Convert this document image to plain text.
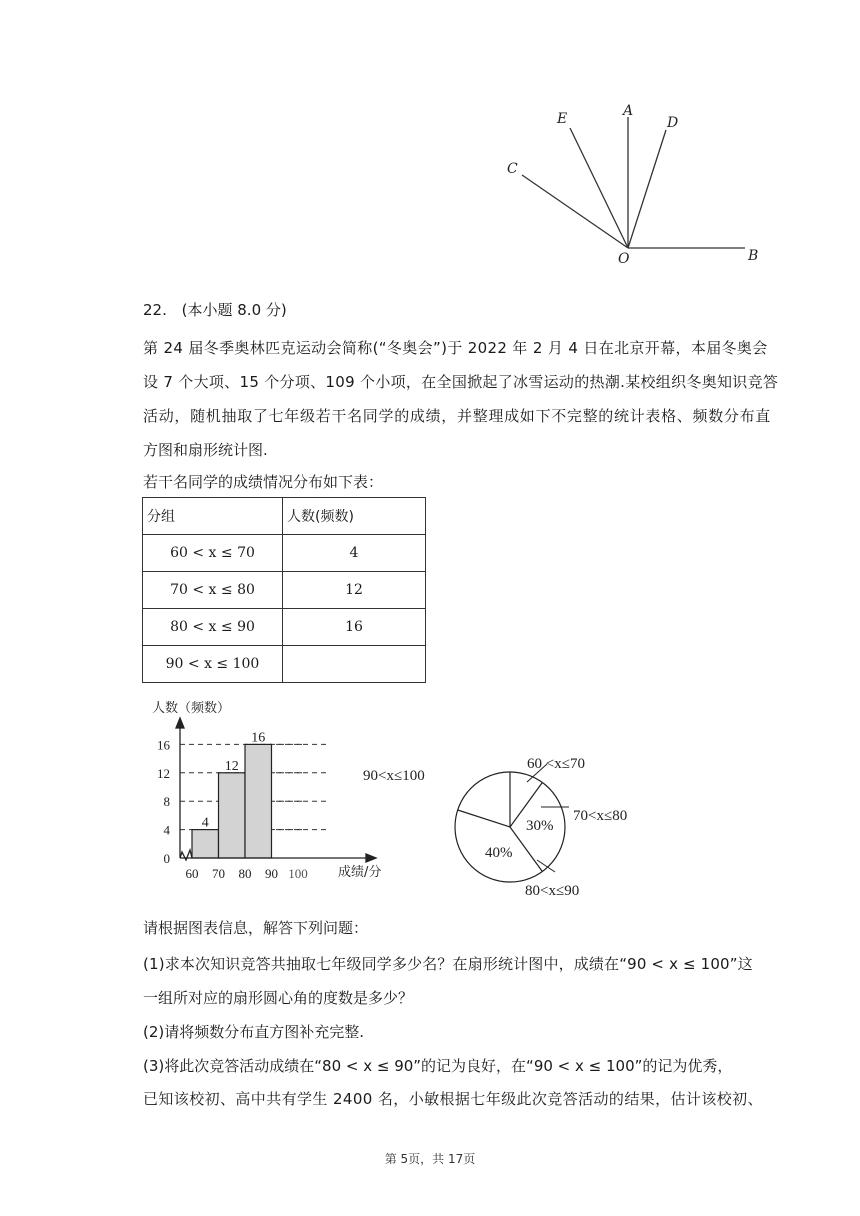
E	A
D
C
O	B
22. (本小题 8.0 分)
第 24 届冬季奥林匹克运动会简称(“冬奥会”)于 2022 年 2 月 4 日在北京开幕，本届冬奥会
设 7 个大项、15 个分项、109 个小项，在全国掀起了冰雪运动的热潮.某校组织冬奥知识竞答
活动，随机抽取了七年级若干名同学的成绩，并整理成如下不完整的统计表格、频数分布直
方图和扇形统计图.
若干名同学的成绩情况分布如下表：
分组	人数(频数)
60 < x ≤ 70	4
70 < x ≤ 80	12
80 < x ≤ 90	16
90 < x ≤ 100	
人数（频数）
0
4
8
12
16
60 70 80 90 100
4
12
16
成绩/分
90<x≤100
60 <x≤70
70<x≤80
80<x≤90
30%
40%
请根据图表信息，解答下列问题：
(1)求本次知识竞答共抽取七年级同学多少名？在扇形统计图中，成绩在“90 < x ≤ 100”这
一组所对应的扇形圆心角的度数是多少？
(2)请将频数分布直方图补充完整.
(3)将此次竞答活动成绩在“80 < x ≤ 90”的记为良好，在“90 < x ≤ 100”的记为优秀，
已知该校初、高中共有学生 2400 名，小敏根据七年级此次竞答活动的结果，估计该校初、
第 5页，共 17页
